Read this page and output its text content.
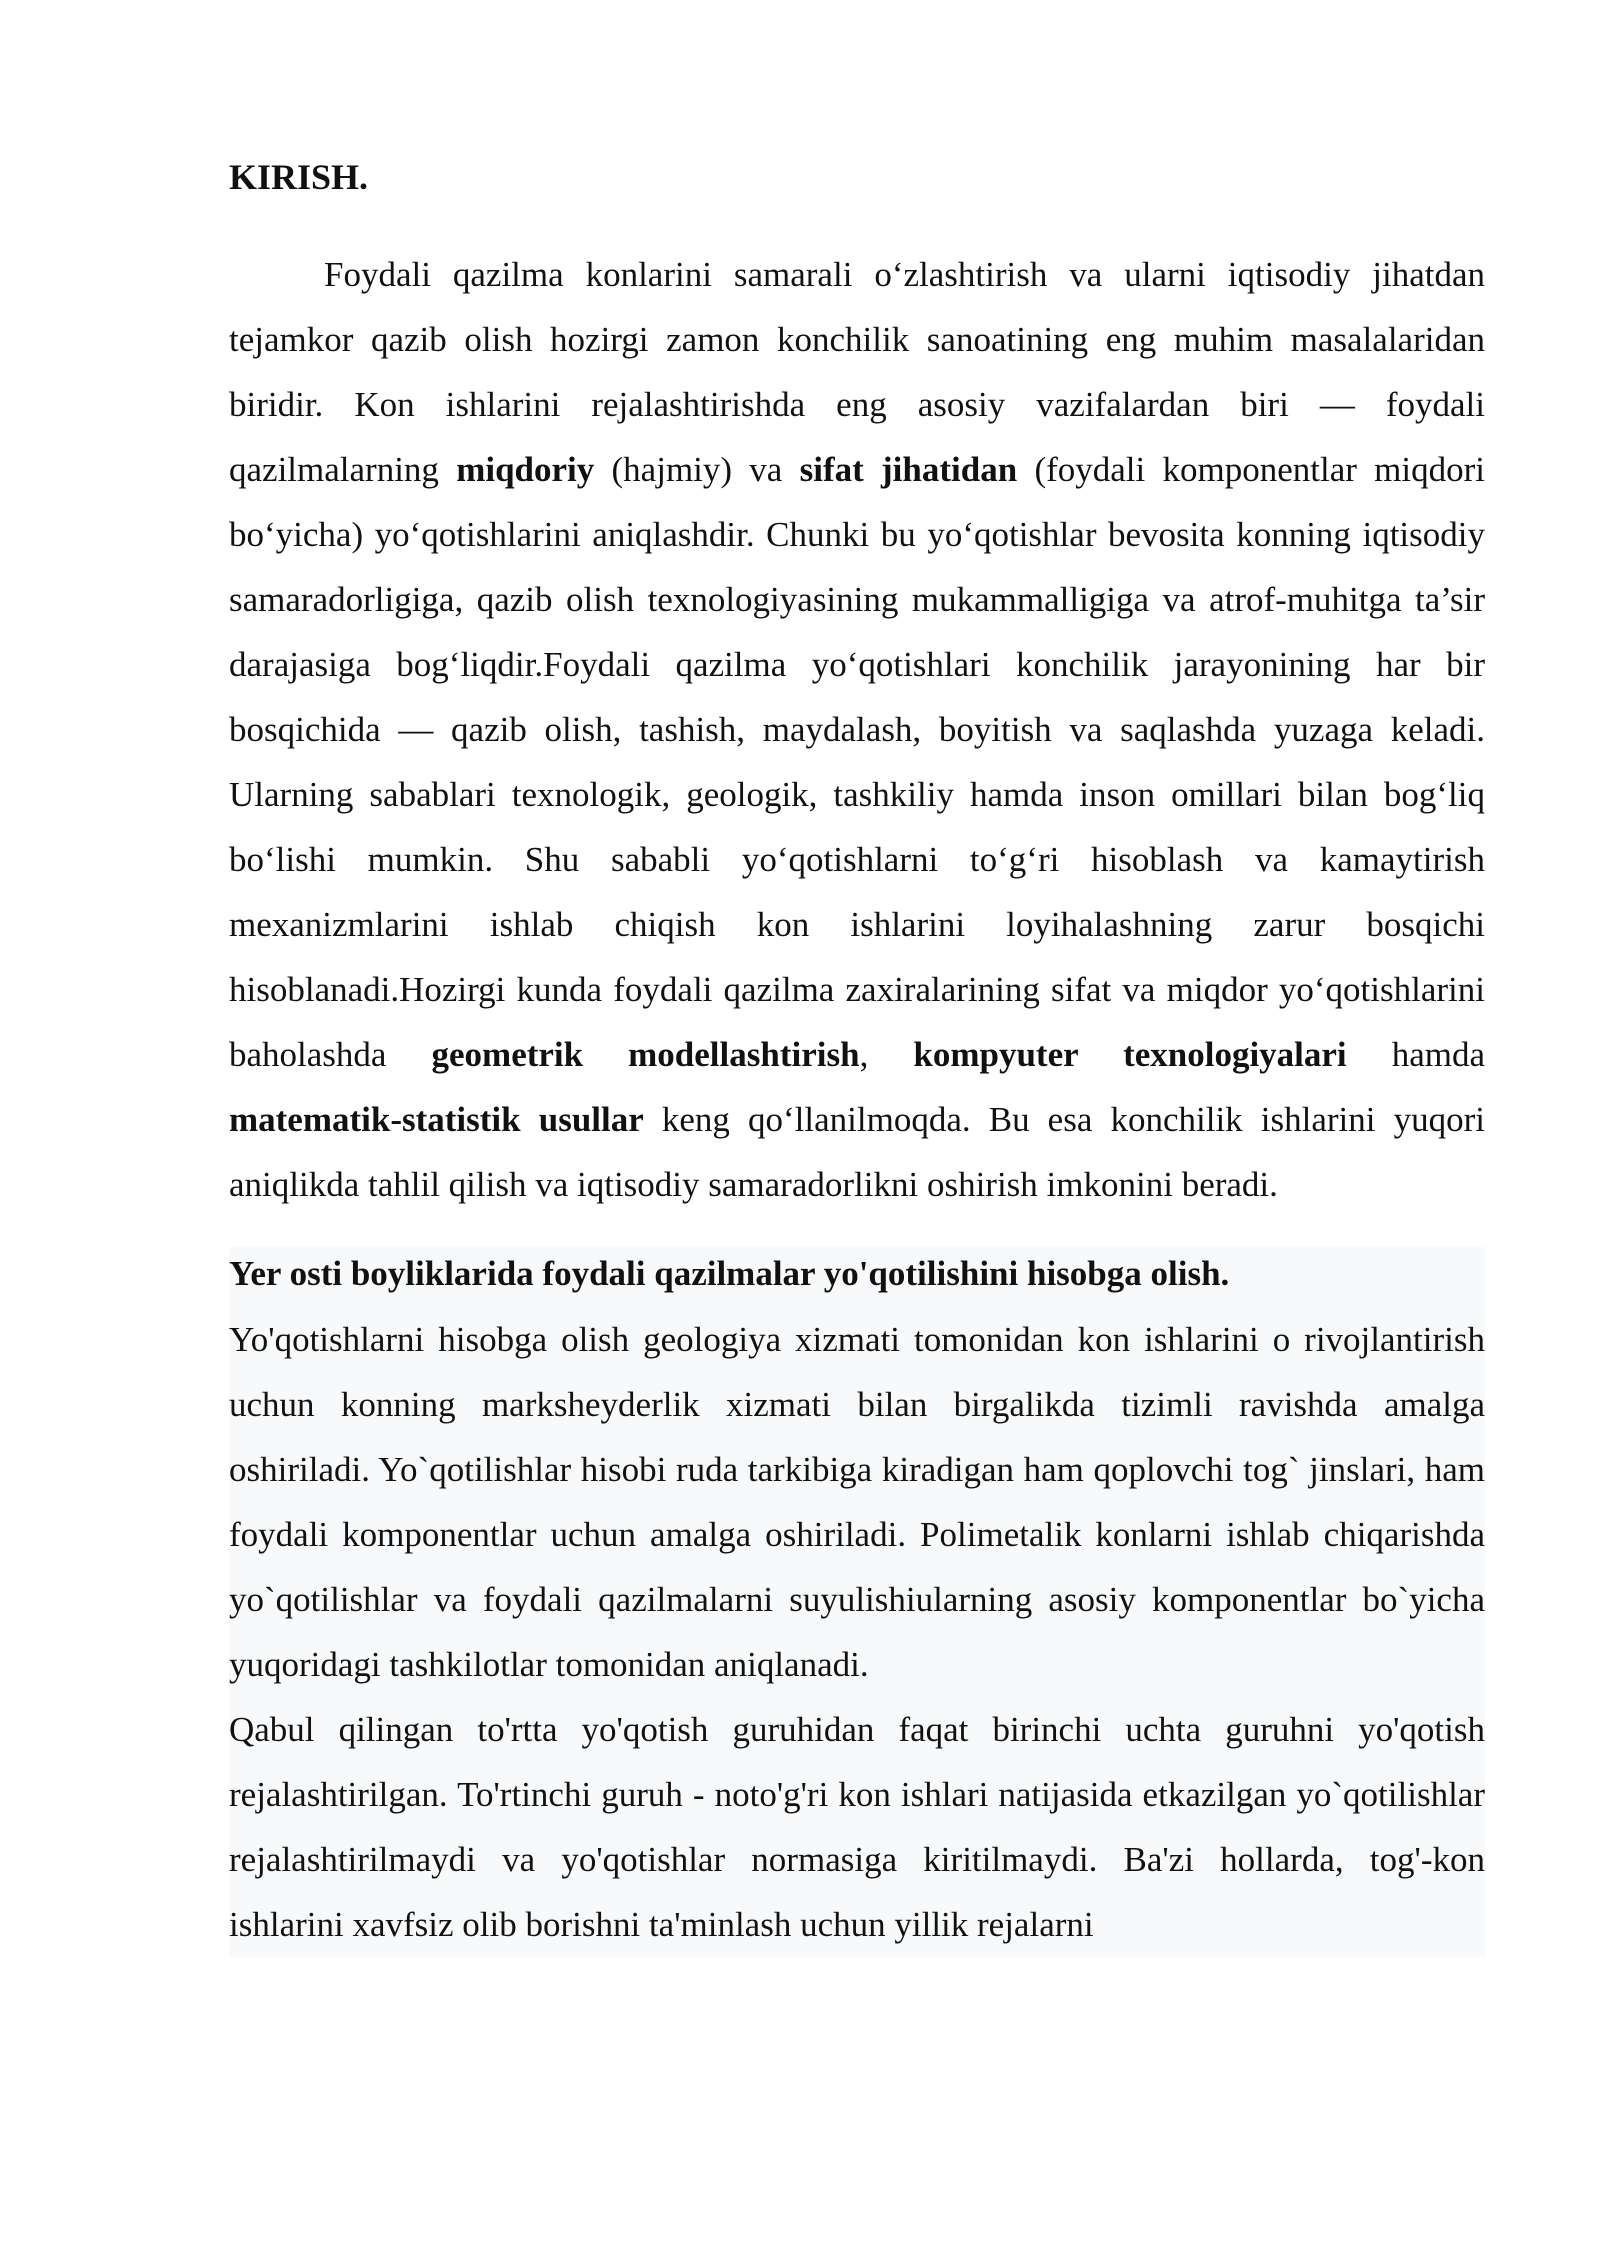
KIRISH.

Foydali qazilma konlarini samarali o‘zlashtirish va ularni iqtisodiy jihatdan tejamkor qazib olish hozirgi zamon konchilik sanoatining eng muhim masalalaridan biridir. Kon ishlarini rejalashtirishda eng asosiy vazifalardan biri — foydali qazilmalarning miqdoriy (hajmiy) va sifat jihatidan (foydali komponentlar miqdori bo‘yicha) yo‘qotishlarini aniqlashdir. Chunki bu yo‘qotishlar bevosita konning iqtisodiy samaradorligiga, qazib olish texnologiyasining mukammalligiga va atrof-muhitga ta’sir darajasiga bog‘liqdir.Foydali qazilma yo‘qotishlari konchilik jarayonining har bir bosqichida — qazib olish, tashish, maydalash, boyitish va saqlashda yuzaga keladi. Ularning sabablari texnologik, geologik, tashkiliy hamda inson omillari bilan bog‘liq bo‘lishi mumkin. Shu sababli yo‘qotishlarni to‘g‘ri hisoblash va kamaytirish mexanizmlarini ishlab chiqish kon ishlarini loyihalashning zarur bosqichi hisoblanadi.Hozirgi kunda foydali qazilma zaxiralarining sifat va miqdor yo‘qotishlarini baholashda geometrik modellashtirish, kompyuter texnologiyalari hamda matematik-statistik usullar keng qo‘llanilmoqda. Bu esa konchilik ishlarini yuqori aniqlikda tahlil qilish va iqtisodiy samaradorlikni oshirish imkonini beradi.

Yer osti boyliklarida foydali qazilmalar yo'qotilishini hisobga olish.

Yo'qotishlarni hisobga olish geologiya xizmati tomonidan kon ishlarini o rivojlantirish uchun konning marksheyderlik xizmati bilan birgalikda tizimli ravishda amalga oshiriladi. Yo`qotilishlar hisobi ruda tarkibiga kiradigan ham qoplovchi tog` jinslari, ham foydali komponentlar uchun amalga oshiriladi. Polimetalik konlarni ishlab chiqarishda yo`qotilishlar va foydali qazilmalarni suyulishiularning asosiy komponentlar bo`yicha yuqoridagi tashkilotlar tomonidan aniqlanadi.

Qabul qilingan to'rtta yo'qotish guruhidan faqat birinchi uchta guruhni yo'qotish rejalashtirilgan. To'rtinchi guruh - noto'g'ri kon ishlari natijasida etkazilgan yo`qotilishlar rejalashtirilmaydi va yo'qotishlar normasiga kiritilmaydi. Ba'zi hollarda, tog'-kon ishlarini xavfsiz olib borishni ta'minlash uchun yillik rejalarni
